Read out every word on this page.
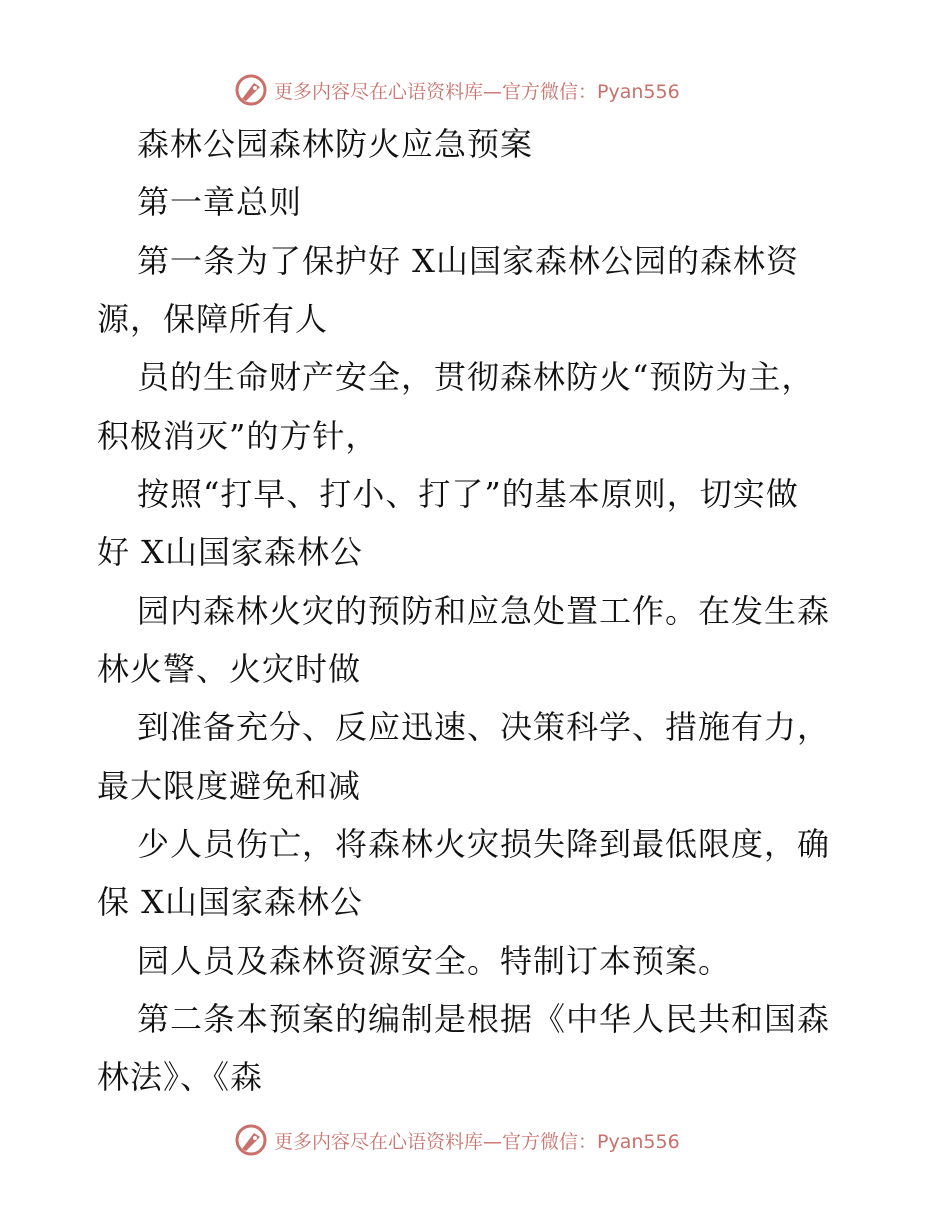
更多内容尽在心语资料库—官方微信：Pyan556
森林公园森林防火应急预案
第一章总则
第一条为了保护好 X山国家森林公园的森林资
源，保障所有人
员的生命财产安全，贯彻森林防火“预防为主，
积极消灭”的方针，
按照“打早、打小、打了”的基本原则，切实做
好 X山国家森林公
园内森林火灾的预防和应急处置工作。在发生森
林火警、火灾时做
到准备充分、反应迅速、决策科学、措施有力，
最大限度避免和减
少人员伤亡，将森林火灾损失降到最低限度，确
保 X山国家森林公
园人员及森林资源安全。特制订本预案。
第二条本预案的编制是根据《中华人民共和国森
林法》、《森
更多内容尽在心语资料库—官方微信：Pyan556
